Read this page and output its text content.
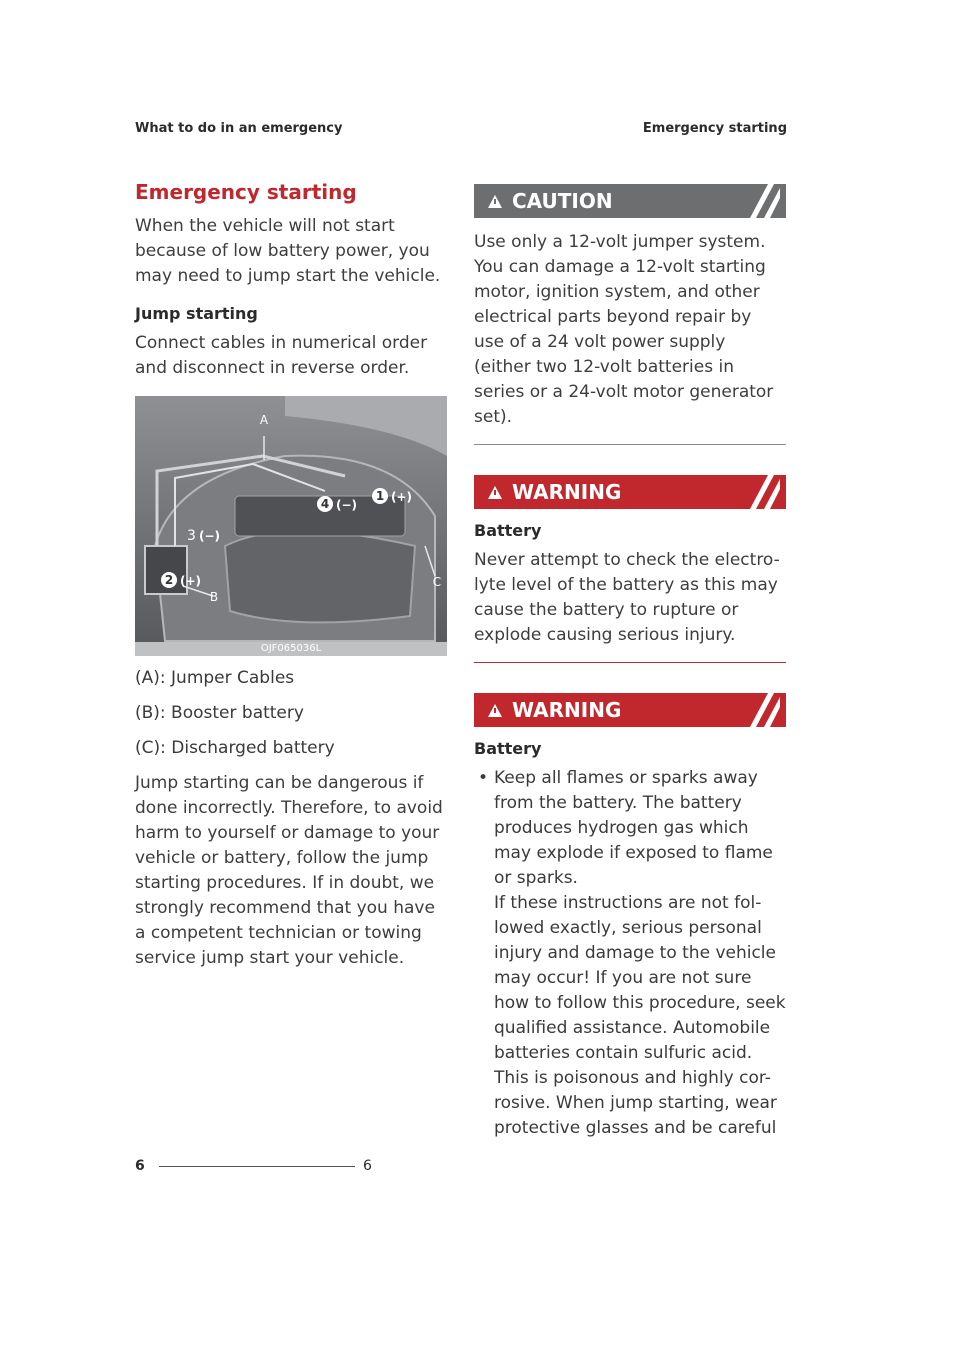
What to do in an emergency	Emergency starting
Emergency starting

When the vehicle will not start because of low battery power, you may need to jump start the vehicle.

Jump starting

Connect cables in numerical order and disconnect in reverse order.

A
B
C
1 (+)
4 (−)
3 (−)
2 (+)
OJF065036L

(A): Jumper Cables

(B): Booster battery

(C): Discharged battery

Jump starting can be dangerous if done incorrectly. Therefore, to avoid harm to yourself or damage to your vehicle or battery, follow the jump starting procedures. If in doubt, we strongly recommend that you have a competent technician or towing service jump start your vehicle.

CAUTION

Use only a 12-volt jumper system. You can damage a 12-volt starting motor, ignition system, and other electrical parts beyond repair by use of a 24 volt power supply (either two 12-volt batteries in series or a 24-volt motor generator set).

WARNING
Battery

Never attempt to check the electro-lyte level of the battery as this may cause the battery to rupture or explode causing serious injury.

WARNING
Battery
• Keep all flames or sparks away from the battery. The battery produces hydrogen gas which may explode if exposed to flame or sparks.
If these instructions are not fol-lowed exactly, serious personal injury and damage to the vehicle may occur! If you are not sure how to follow this procedure, seek qualified assistance. Automobile batteries contain sulfuric acid. This is poisonous and highly cor-rosive. When jump starting, wear protective glasses and be careful
6	6
